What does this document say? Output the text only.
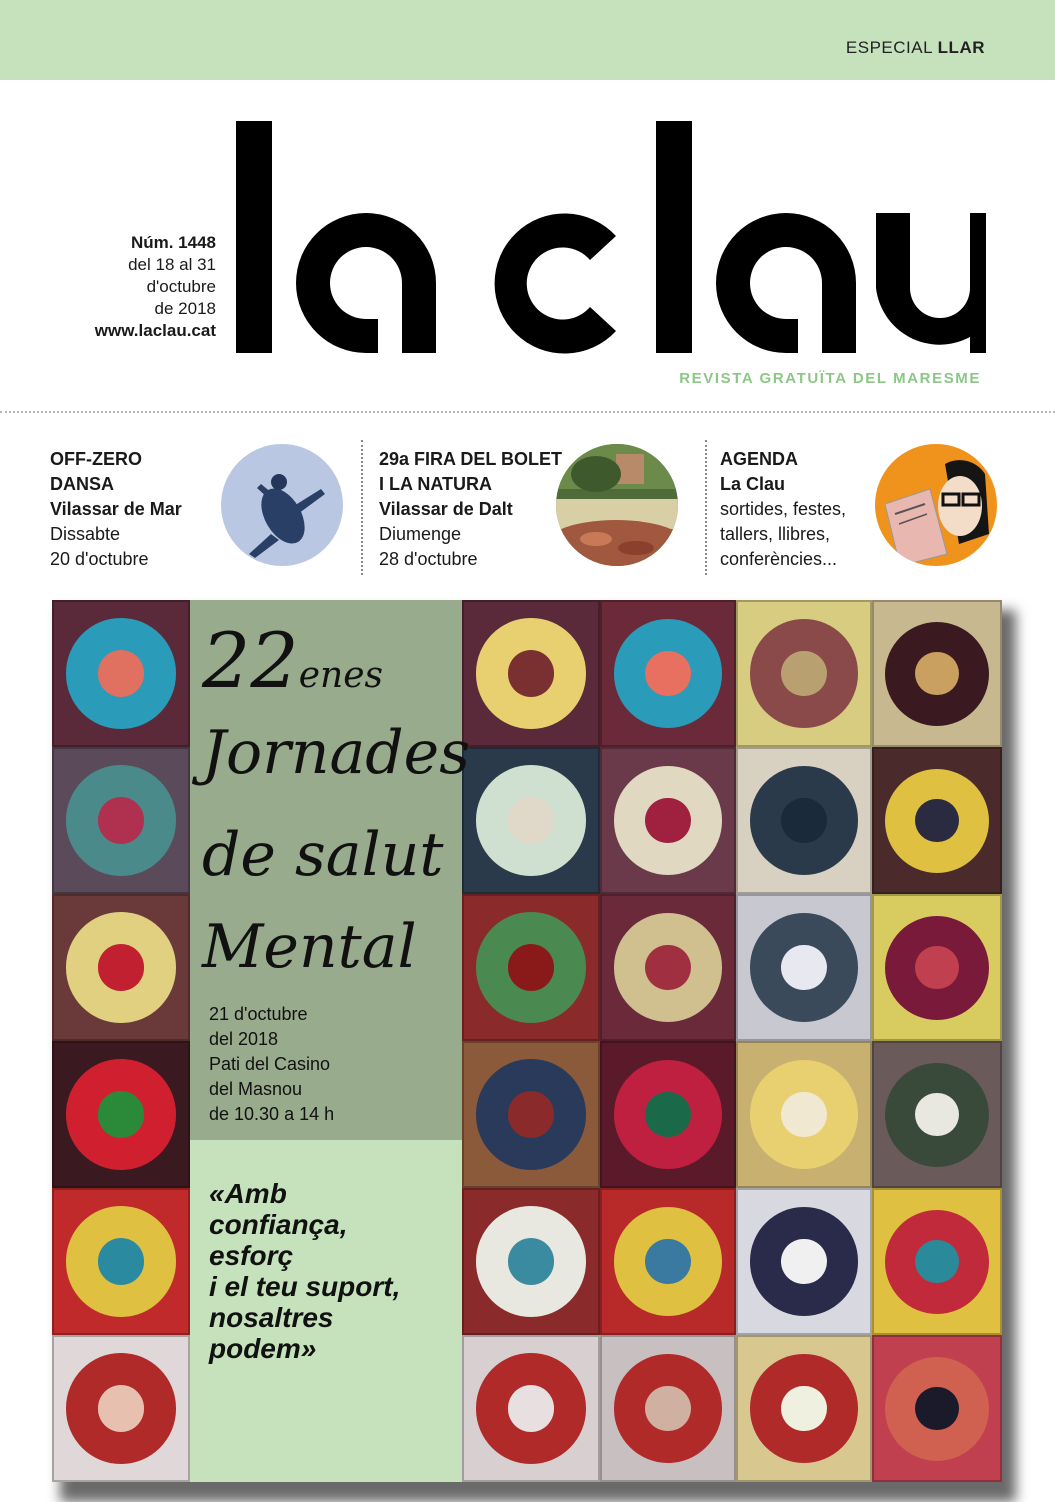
ESPECIAL LLAR
Núm. 1448
del 18 al 31
d'octubre
de 2018
www.laclau.cat
REVISTA GRATUÏTA DEL MARESME
OFF-ZERO
DANSA
Vilassar de Mar
Dissabte
20 d'octubre
29a FIRA DEL BOLET
I LA NATURA
Vilassar de Dalt
Diumenge
28 d'octubre
AGENDA
La Clau
sortides, festes,
tallers, llibres,
conferències...
22enes
Jornades
de salut
Mental
21 d'octubre
del 2018
Pati del Casino
del Masnou
de 10.30 a 14 h
«Amb
confiança,
esforç
i el teu suport,
nosaltres
podem»
